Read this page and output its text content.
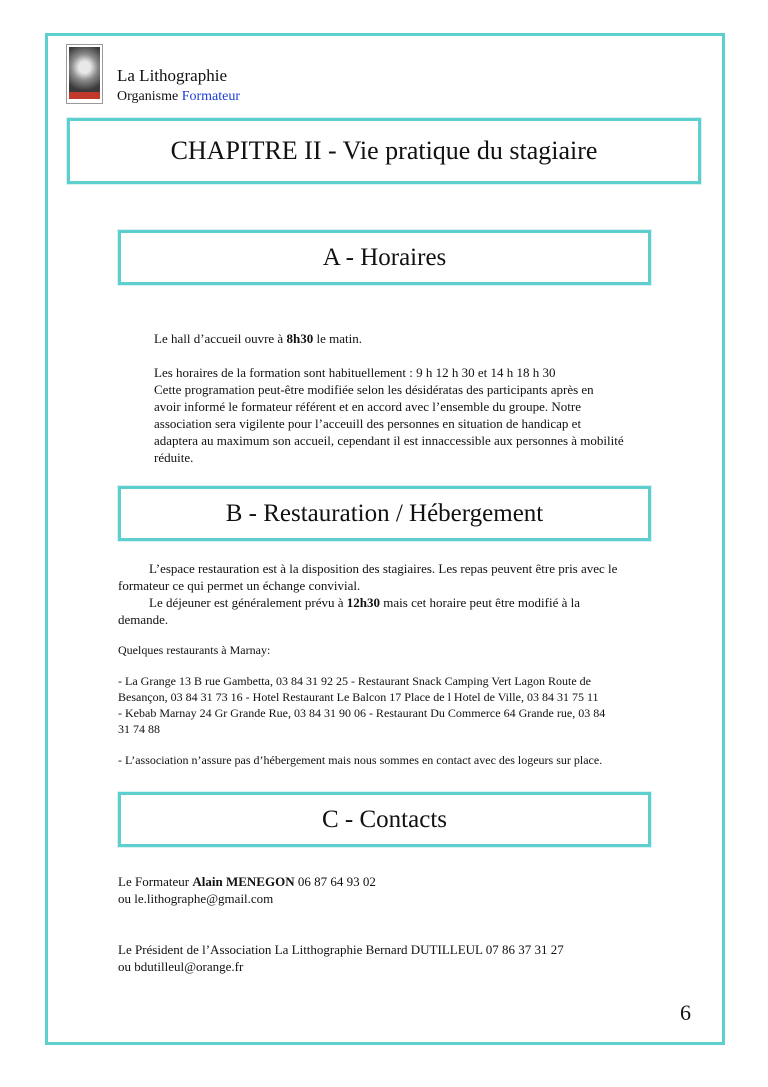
La Lithographie
Organisme Formateur
CHAPITRE II - Vie pratique du stagiaire
A - Horaires
Le hall d’accueil ouvre à 8h30 le matin.
Les horaires de la formation sont habituellement : 9 h 12 h 30 et 14 h 18 h 30
Cette programation peut-être modifiée selon les désidératas des participants après en
avoir informé le formateur référent et en accord avec l’ensemble du groupe. Notre
association sera vigilente pour l’acceuill des personnes en situation de handicap et
adaptera au maximum son accueil, cependant il est innaccessible aux personnes à mobilité
réduite.
B - Restauration / Hébergement
L’espace restauration est à la disposition des stagiaires. Les repas peuvent être pris avec le
formateur ce qui permet un échange convivial.
Le déjeuner est généralement prévu à 12h30 mais cet horaire peut être modifié à la
demande.
Quelques restaurants à Marnay:
- La Grange 13 B rue Gambetta, 03 84 31 92 25 - Restaurant Snack Camping Vert Lagon Route de
Besançon, 03 84 31 73 16 - Hotel Restaurant Le Balcon 17 Place de l Hotel de Ville, 03 84 31 75 11
- Kebab Marnay 24 Gr Grande Rue, 03 84 31 90 06 - Restaurant Du Commerce 64 Grande rue, 03 84
31 74 88
- L’association n’assure pas d’hébergement mais nous sommes en contact avec des logeurs sur place.
C - Contacts
Le Formateur Alain MENEGON 06 87 64 93 02
ou le.lithographe@gmail.com
Le Président de l’Association La Litthographie Bernard DUTILLEUL 07 86 37 31 27
ou bdutilleul@orange.fr
6
